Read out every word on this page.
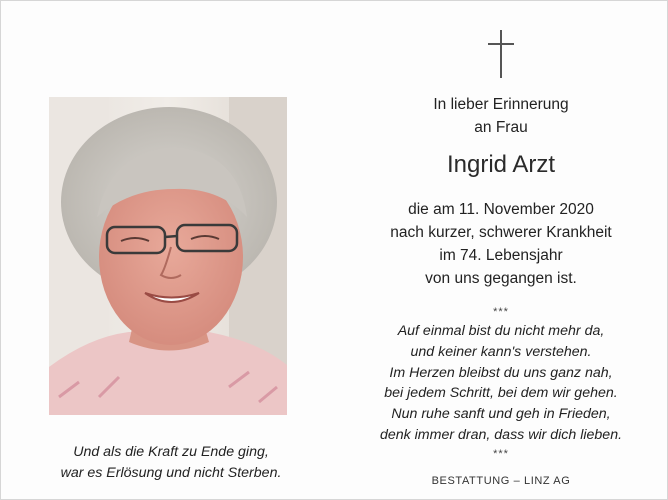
Und als die Kraft zu Ende ging,
war es Erlösung und nicht Sterben.
In lieber Erinnerung
an Frau
Ingrid Arzt
die am 11. November 2020
nach kurzer, schwerer Krankheit
im 74. Lebensjahr
von uns gegangen ist.
***
Auf einmal bist du nicht mehr da,
und keiner kann's verstehen.
Im Herzen bleibst du uns ganz nah,
bei jedem Schritt, bei dem wir gehen.
Nun ruhe sanft und geh in Frieden,
denk immer dran, dass wir dich lieben.
***
BESTATTUNG – LINZ AG
